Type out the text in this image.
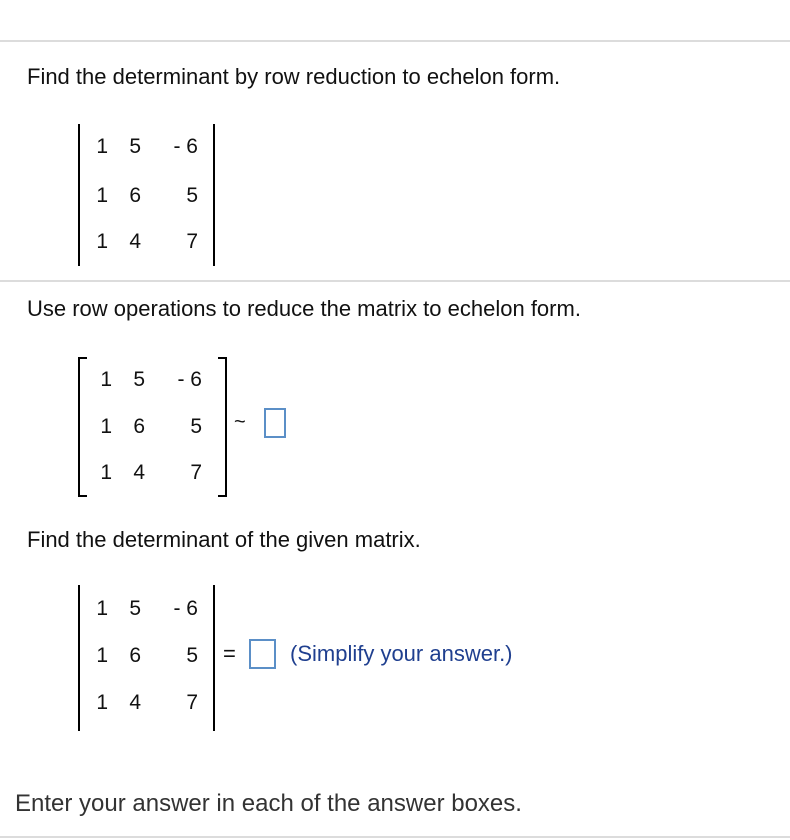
Find the determinant by row reduction to echelon form.
1	5	- 6
1	6	5
1	4	7
Use row operations to reduce the matrix to echelon form.
1	5	- 6
1	6	5
1	4	7
~
Find the determinant of the given matrix.
1	5	- 6
1	6	5
1	4	7
= (Simplify your answer.)
Enter your answer in each of the answer boxes.
